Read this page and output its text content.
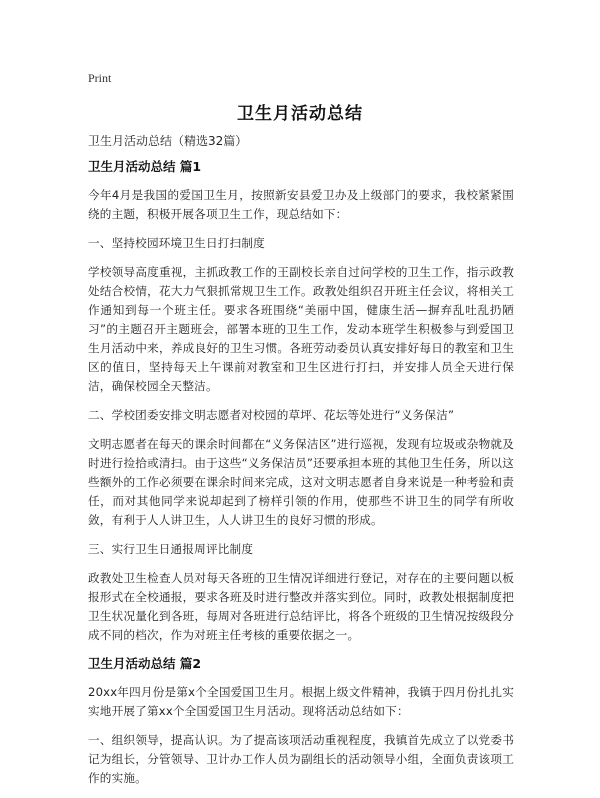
Print
卫生月活动总结
卫生月活动总结（精选32篇）
卫生月活动总结 篇1

今年4月是我国的爱国卫生月，按照新安县爱卫办及上级部门的要求，我校紧紧围绕的主题，积极开展各项卫生工作，现总结如下：

一、坚持校园环境卫生日打扫制度

学校领导高度重视，主抓政教工作的王副校长亲自过问学校的卫生工作，指示政教处结合校情，花大力气狠抓常规卫生工作。政教处组织召开班主任会议，将相关工作通知到每一个班主任。要求各班围绕“美丽中国，健康生活—摒弃乱吐乱扔陋习”的主题召开主题班会，部署本班的卫生工作，发动本班学生积极参与到爱国卫生月活动中来，养成良好的卫生习惯。各班劳动委员认真安排好每日的教室和卫生区的值日，坚持每天上午课前对教室和卫生区进行打扫，并安排人员全天进行保洁，确保校园全天整洁。

二、学校团委安排文明志愿者对校园的草坪、花坛等处进行“义务保洁”

文明志愿者在每天的课余时间都在“义务保洁区”进行巡视，发现有垃圾或杂物就及时进行捡拾或清扫。由于这些“义务保洁员”还要承担本班的其他卫生任务，所以这些额外的工作必须要在课余时间来完成，这对文明志愿者自身来说是一种考验和责任，而对其他同学来说却起到了榜样引领的作用，使那些不讲卫生的同学有所收敛，有利于人人讲卫生，人人讲卫生的良好习惯的形成。

三、实行卫生日通报周评比制度

政教处卫生检查人员对每天各班的卫生情况详细进行登记，对存在的主要问题以板报形式在全校通报，要求各班及时进行整改并落实到位。同时，政教处根据制度把卫生状况量化到各班，每周对各班进行总结评比，将各个班级的卫生情况按级段分成不同的档次，作为对班主任考核的重要依据之一。

卫生月活动总结 篇2

20xx年四月份是第x个全国爱国卫生月。根据上级文件精神，我镇于四月份扎扎实实地开展了第xx个全国爱国卫生月活动。现将活动总结如下：

一、组织领导，提高认识。为了提高该项活动重视程度，我镇首先成立了以党委书记为组长，分管领导、卫计办工作人员为副组长的活动领导小组，全面负责该项工作的实施。
